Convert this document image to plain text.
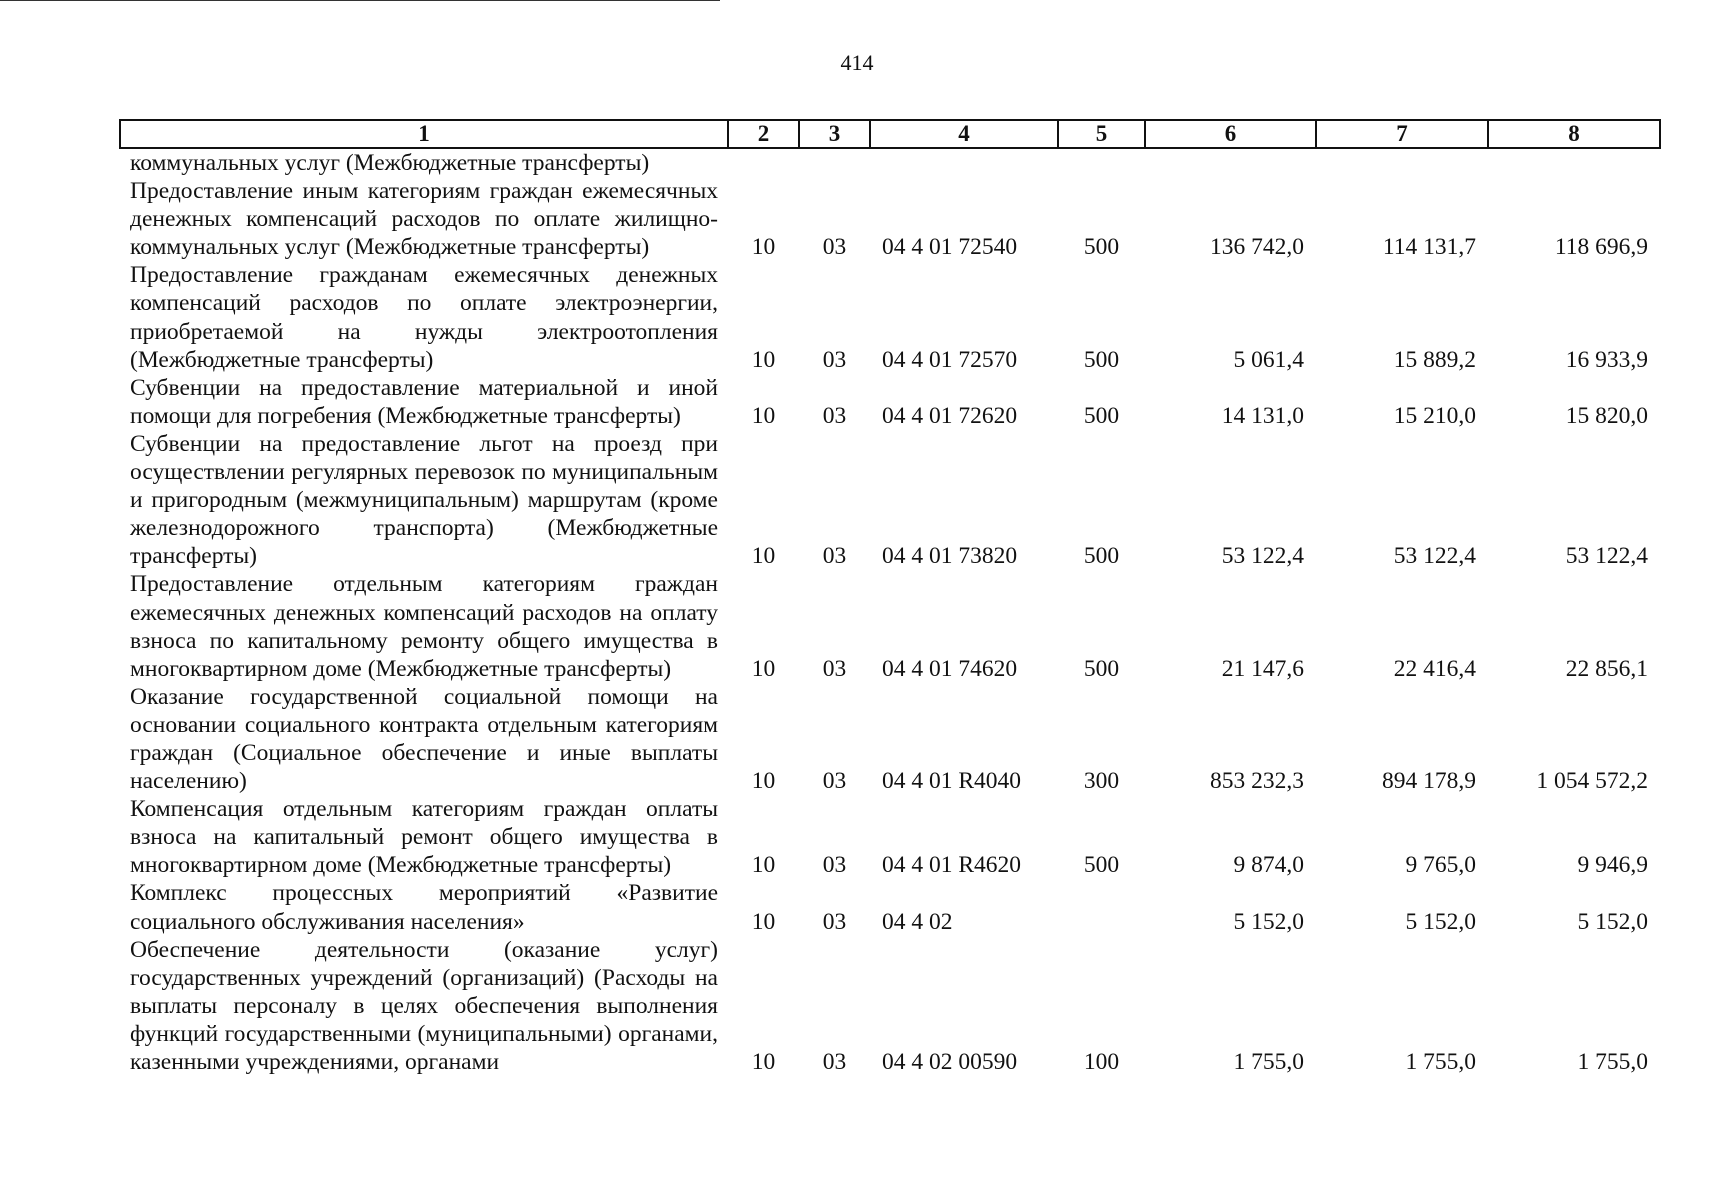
414
1	2	3	4	5	6	7	8
коммунальных услуг (Межбюджетные трансферты)							
Предоставление иным категориям граждан ежемесячных денежных компенсаций расходов по оплате жилищно-коммунальных услуг (Межбюджетные трансферты)	10	03	04 4 01 72540	500	136 742,0	114 131,7	118 696,9
Предоставление гражданам ежемесячных денежных компенсаций расходов по оплате электроэнергии, приобретаемой на нужды электроотопления (Межбюджетные трансферты)	10	03	04 4 01 72570	500	5 061,4	15 889,2	16 933,9
Субвенции на предоставление материальной и иной помощи для погребения (Межбюджетные трансферты)	10	03	04 4 01 72620	500	14 131,0	15 210,0	15 820,0
Субвенции на предоставление льгот на проезд при осуществлении регулярных перевозок по муниципальным и пригородным (межмуниципальным) маршрутам (кроме железнодорожного транспорта) (Межбюджетные трансферты)	10	03	04 4 01 73820	500	53 122,4	53 122,4	53 122,4
Предоставление отдельным категориям граждан ежемесячных денежных компенсаций расходов на оплату взноса по капитальному ремонту общего имущества в многоквартирном доме (Межбюджетные трансферты)	10	03	04 4 01 74620	500	21 147,6	22 416,4	22 856,1
Оказание государственной социальной помощи на основании социального контракта отдельным категориям граждан (Социальное обеспечение и иные выплаты населению)	10	03	04 4 01 R4040	300	853 232,3	894 178,9	1 054 572,2
Компенсация отдельным категориям граждан оплаты взноса на капитальный ремонт общего имущества в многоквартирном доме (Межбюджетные трансферты)	10	03	04 4 01 R4620	500	9 874,0	9 765,0	9 946,9
Комплекс процессных мероприятий «Развитие социального обслуживания населения»	10	03	04 4 02		5 152,0	5 152,0	5 152,0
Обеспечение деятельности (оказание услуг) государственных учреждений (организаций) (Расходы на выплаты персоналу в целях обеспечения выполнения функций государственными (муниципальными) органами, казенными учреждениями, органами	10	03	04 4 02 00590	100	1 755,0	1 755,0	1 755,0
